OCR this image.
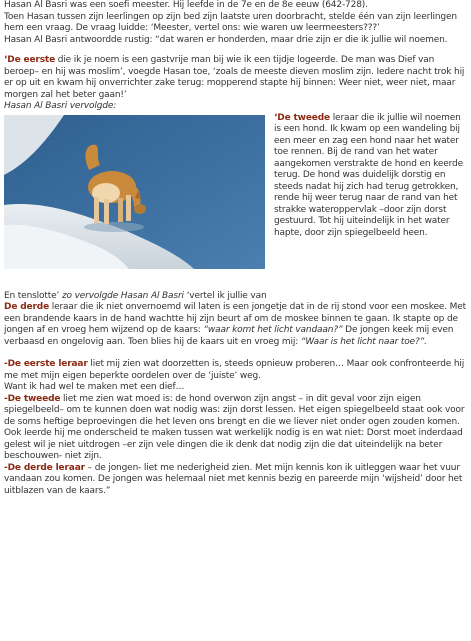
Hasan Al Basri was een soefi meester. Hij leefde in de 7e en de 8e eeuw (642-728).

Toen Hasan tussen zijn leerlingen op zijn bed zijn laatste uren doorbracht, stelde één van zijn leerlingen hem een vraag. De vraag luidde: ‘Meester, vertel ons: wie waren uw leermeesters???’

Hasan Al Basri antwoordde rustig: “dat waren er honderden, maar drie zijn er die ik jullie wil noemen.

‘De eerste die ik je noem is een gastvrije man bij wie ik een tijdje logeerde. De man was Dief van beroep– en hij was moslim’, voegde Hasan toe, ‘zoals de meeste dieven moslim zijn. Iedere nacht trok hij er op uit en kwam hij onverrichter zake terug: mopperend stapte hij binnen: Weer niet, weer niet, maar morgen zal het beter gaan!’

Hasan Al Basri vervolgde:

‘De tweede leraar die ik jullie wil noemen is een hond. Ik kwam op een wandeling bij een meer en zag een hond naar het water toe rennen. Bij de rand van het water aangekomen verstrakte de hond en keerde terug. De hond was duidelijk dorstig en steeds nadat hij zich had terug getrokken, rende hij weer terug naar de rand van het strakke wateroppervlak –door zijn dorst gestuurd. Tot hij uiteindelijk in het water hapte, door zijn spiegelbeeld heen.

En tenslotte’ zo vervolgde Hasan Al Basri ‘vertel ik jullie van

De derde leraar die ik niet onvernoemd wil laten is een jongetje dat in de rij stond voor een moskee. Met een brandende kaars in de hand wachtte hij zijn beurt af om de moskee binnen te gaan. Ik stapte op de jongen af en vroeg hem wijzend op de kaars: “waar komt het licht vandaan?” De jongen keek mij even verbaasd en ongelovig aan. Toen blies hij de kaars uit en vroeg mij: “Waar is het licht naar toe?”.

-De eerste leraar liet mij zien wat doorzetten is, steeds opnieuw proberen… Maar ook confronteerde hij me met mijn eigen beperkte oordelen over de ‘juiste’ weg.

Want ik had wel te maken met een dief…

-De tweede liet me zien wat moed is: de hond overwon zijn angst – in dit geval voor zijn eigen spiegelbeeld– om te kunnen doen wat nodig was: zijn dorst lessen. Het eigen spiegelbeeld staat ook voor de soms heftige beproevingen die het leven ons brengt en die we liever niet onder ogen zouden komen. Ook leerde hij me onderscheid te maken tussen wat werkelijk nodig is en wat niet: Dorst moet inderdaad gelest wil je niet uitdrogen –er zijn vele dingen die ik denk dat nodig zijn die dat uiteindelijk na beter beschouwen- niet zijn.

-De derde leraar – de jongen- liet me nederigheid zien. Met mijn kennis kon ik uitleggen waar het vuur vandaan zou komen. De jongen was helemaal niet met kennis bezig en pareerde mijn ‘wijsheid’ door het uitblazen van de kaars.”
